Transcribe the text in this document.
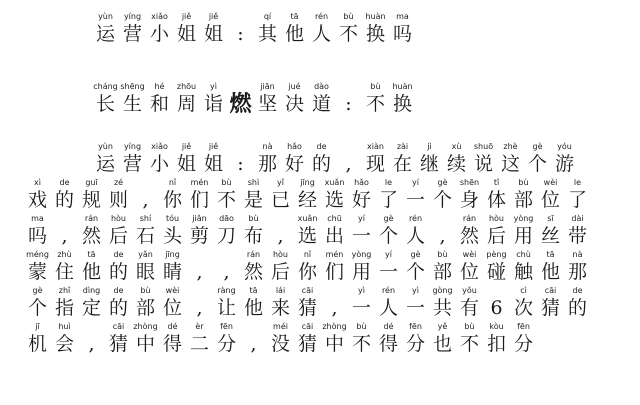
yùn
运
yíng
营
xiǎo
小
jiě
姐
jiě
姐 :
qí
其
tā
他
rén
人
bù
不
huàn
换
ma
吗
cháng
长
shēng
生
hé
和
zhōu
周
yì
诣 燃
jiān
坚
jué
决
dào
道 :
bù
不
huàn
换
yùn
运
yíng
营
xiǎo
小
jiě
姐
jiě
姐 :
nà
那
hǎo
好
de
的 ,
xiàn
现
zài
在
jì
继
xù
续
shuō
说
zhè
这
gè
个
yóu
游
xì
戏
de
的
guī
规
zé
则 ,
nǐ
你
mén
们
bù
不
shì
是
yǐ
已
jīng
经
xuǎn
选
hǎo
好
le
了
yí
一
gè
个
shēn
身
tǐ
体
bù
部
wèi
位
le
了
ma
吗 ,
rán
然
hòu
后
shí
石
tóu
头
jiǎn
剪
dāo
刀
bù
布 ,
xuǎn
选
chū
出
yí
一
gè
个
rén
人 ,
rán
然
hòu
后
yòng
用
sī
丝
dài
带
méng
蒙
zhù
住
tā
他
de
的
yǎn
眼
jīng
睛 , ,
rán
然
hòu
后
nǐ
你
mén
们
yòng
用
yí
一
gè
个
bù
部
wèi
位
pèng
碰
chù
触
tā
他
nà
那
gè
个
zhǐ
指
dìng
定
de
的
bù
部
wèi
位 ,
ràng
让
tā
他
lái
来
cāi
猜 ,
yì
一
rén
人
yì
一
gòng
共
yǒu
有 6
cì
次
cāi
猜
de
的
jī
机
huì
会 ,
cāi
猜
zhòng
中
dé
得
èr
二
fēn
分 ,
méi
没
cāi
猜
zhòng
中
bù
不
dé
得
fēn
分
yě
也
bù
不
kòu
扣
fēn
分
